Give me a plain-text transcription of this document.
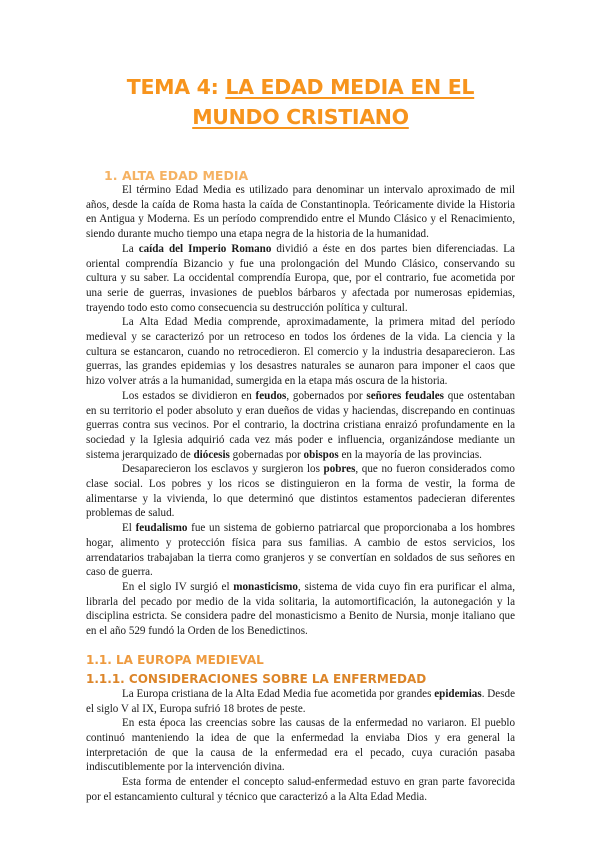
TEMA 4: LA EDAD MEDIA EN EL MUNDO CRISTIANO
1. ALTA EDAD MEDIA

El término Edad Media es utilizado para denominar un intervalo aproximado de mil años, desde la caída de Roma hasta la caída de Constantinopla. Teóricamente divide la Historia en Antigua y Moderna. Es un período comprendido entre el Mundo Clásico y el Renacimiento, siendo durante mucho tiempo una etapa negra de la historia de la humanidad.

La caída del Imperio Romano dividió a éste en dos partes bien diferenciadas. La oriental comprendía Bizancio y fue una prolongación del Mundo Clásico, conservando su cultura y su saber. La occidental comprendía Europa, que, por el contrario, fue acometida por una serie de guerras, invasiones de pueblos bárbaros y afectada por numerosas epidemias, trayendo todo esto como consecuencia su destrucción política y cultural.

La Alta Edad Media comprende, aproximadamente, la primera mitad del período medieval y se caracterizó por un retroceso en todos los órdenes de la vida. La ciencia y la cultura se estancaron, cuando no retrocedieron. El comercio y la industria desaparecieron. Las guerras, las grandes epidemias y los desastres naturales se aunaron para imponer el caos que hizo volver atrás a la humanidad, sumergida en la etapa más oscura de la historia.

Los estados se dividieron en feudos, gobernados por señores feudales que ostentaban en su territorio el poder absoluto y eran dueños de vidas y haciendas, discrepando en continuas guerras contra sus vecinos. Por el contrario, la doctrina cristiana enraizó profundamente en la sociedad y la Iglesia adquirió cada vez más poder e influencia, organizándose mediante un sistema jerarquizado de diócesis gobernadas por obispos en la mayoría de las provincias.

Desaparecieron los esclavos y surgieron los pobres, que no fueron considerados como clase social. Los pobres y los ricos se distinguieron en la forma de vestir, la forma de alimentarse y la vivienda, lo que determinó que distintos estamentos padecieran diferentes problemas de salud.

El feudalismo fue un sistema de gobierno patriarcal que proporcionaba a los hombres hogar, alimento y protección física para sus familias. A cambio de estos servicios, los arrendatarios trabajaban la tierra como granjeros y se convertían en soldados de sus señores en caso de guerra.

En el siglo IV surgió el monasticismo, sistema de vida cuyo fin era purificar el alma, librarla del pecado por medio de la vida solitaria, la automortificación, la autonegación y la disciplina estricta. Se considera padre del monasticismo a Benito de Nursia, monje italiano que en el año 529 fundó la Orden de los Benedictinos.

1.1. LA EUROPA MEDIEVAL
1.1.1. CONSIDERACIONES SOBRE LA ENFERMEDAD

La Europa cristiana de la Alta Edad Media fue acometida por grandes epidemias. Desde el siglo V al IX, Europa sufrió 18 brotes de peste.

En esta época las creencias sobre las causas de la enfermedad no variaron. El pueblo continuó manteniendo la idea de que la enfermedad la enviaba Dios y era general la interpretación de que la causa de la enfermedad era el pecado, cuya curación pasaba indiscutiblemente por la intervención divina.

Esta forma de entender el concepto salud-enfermedad estuvo en gran parte favorecida por el estancamiento cultural y técnico que caracterizó a la Alta Edad Media.
